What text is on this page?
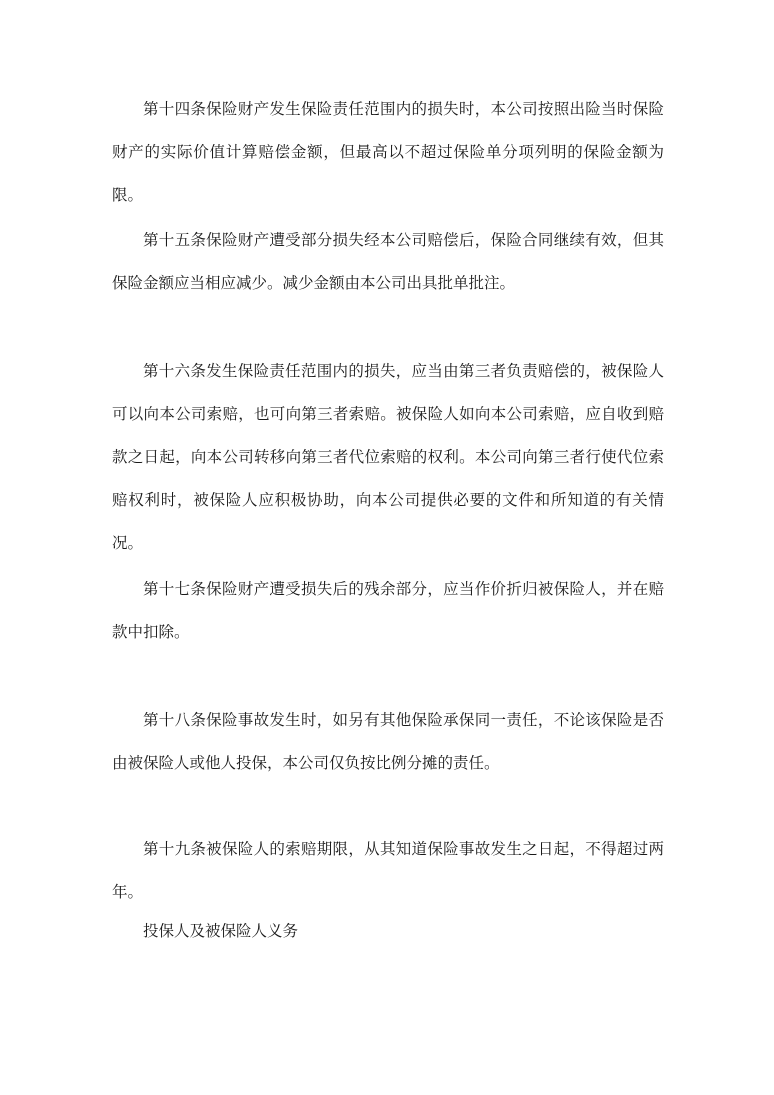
第十四条保险财产发生保险责任范围内的损失时，本公司按照出险当时保险财产的实际价值计算赔偿金额，但最高以不超过保险单分项列明的保险金额为限。

第十五条保险财产遭受部分损失经本公司赔偿后，保险合同继续有效，但其保险金额应当相应减少。减少金额由本公司出具批单批注。

第十六条发生保险责任范围内的损失，应当由第三者负责赔偿的，被保险人可以向本公司索赔，也可向第三者索赔。被保险人如向本公司索赔，应自收到赔款之日起，向本公司转移向第三者代位索赔的权利。本公司向第三者行使代位索赔权利时，被保险人应积极协助，向本公司提供必要的文件和所知道的有关情况。

第十七条保险财产遭受损失后的残余部分，应当作价折归被保险人，并在赔款中扣除。

第十八条保险事故发生时，如另有其他保险承保同一责任，不论该保险是否由被保险人或他人投保，本公司仅负按比例分摊的责任。

第十九条被保险人的索赔期限，从其知道保险事故发生之日起，不得超过两年。

投保人及被保险人义务
